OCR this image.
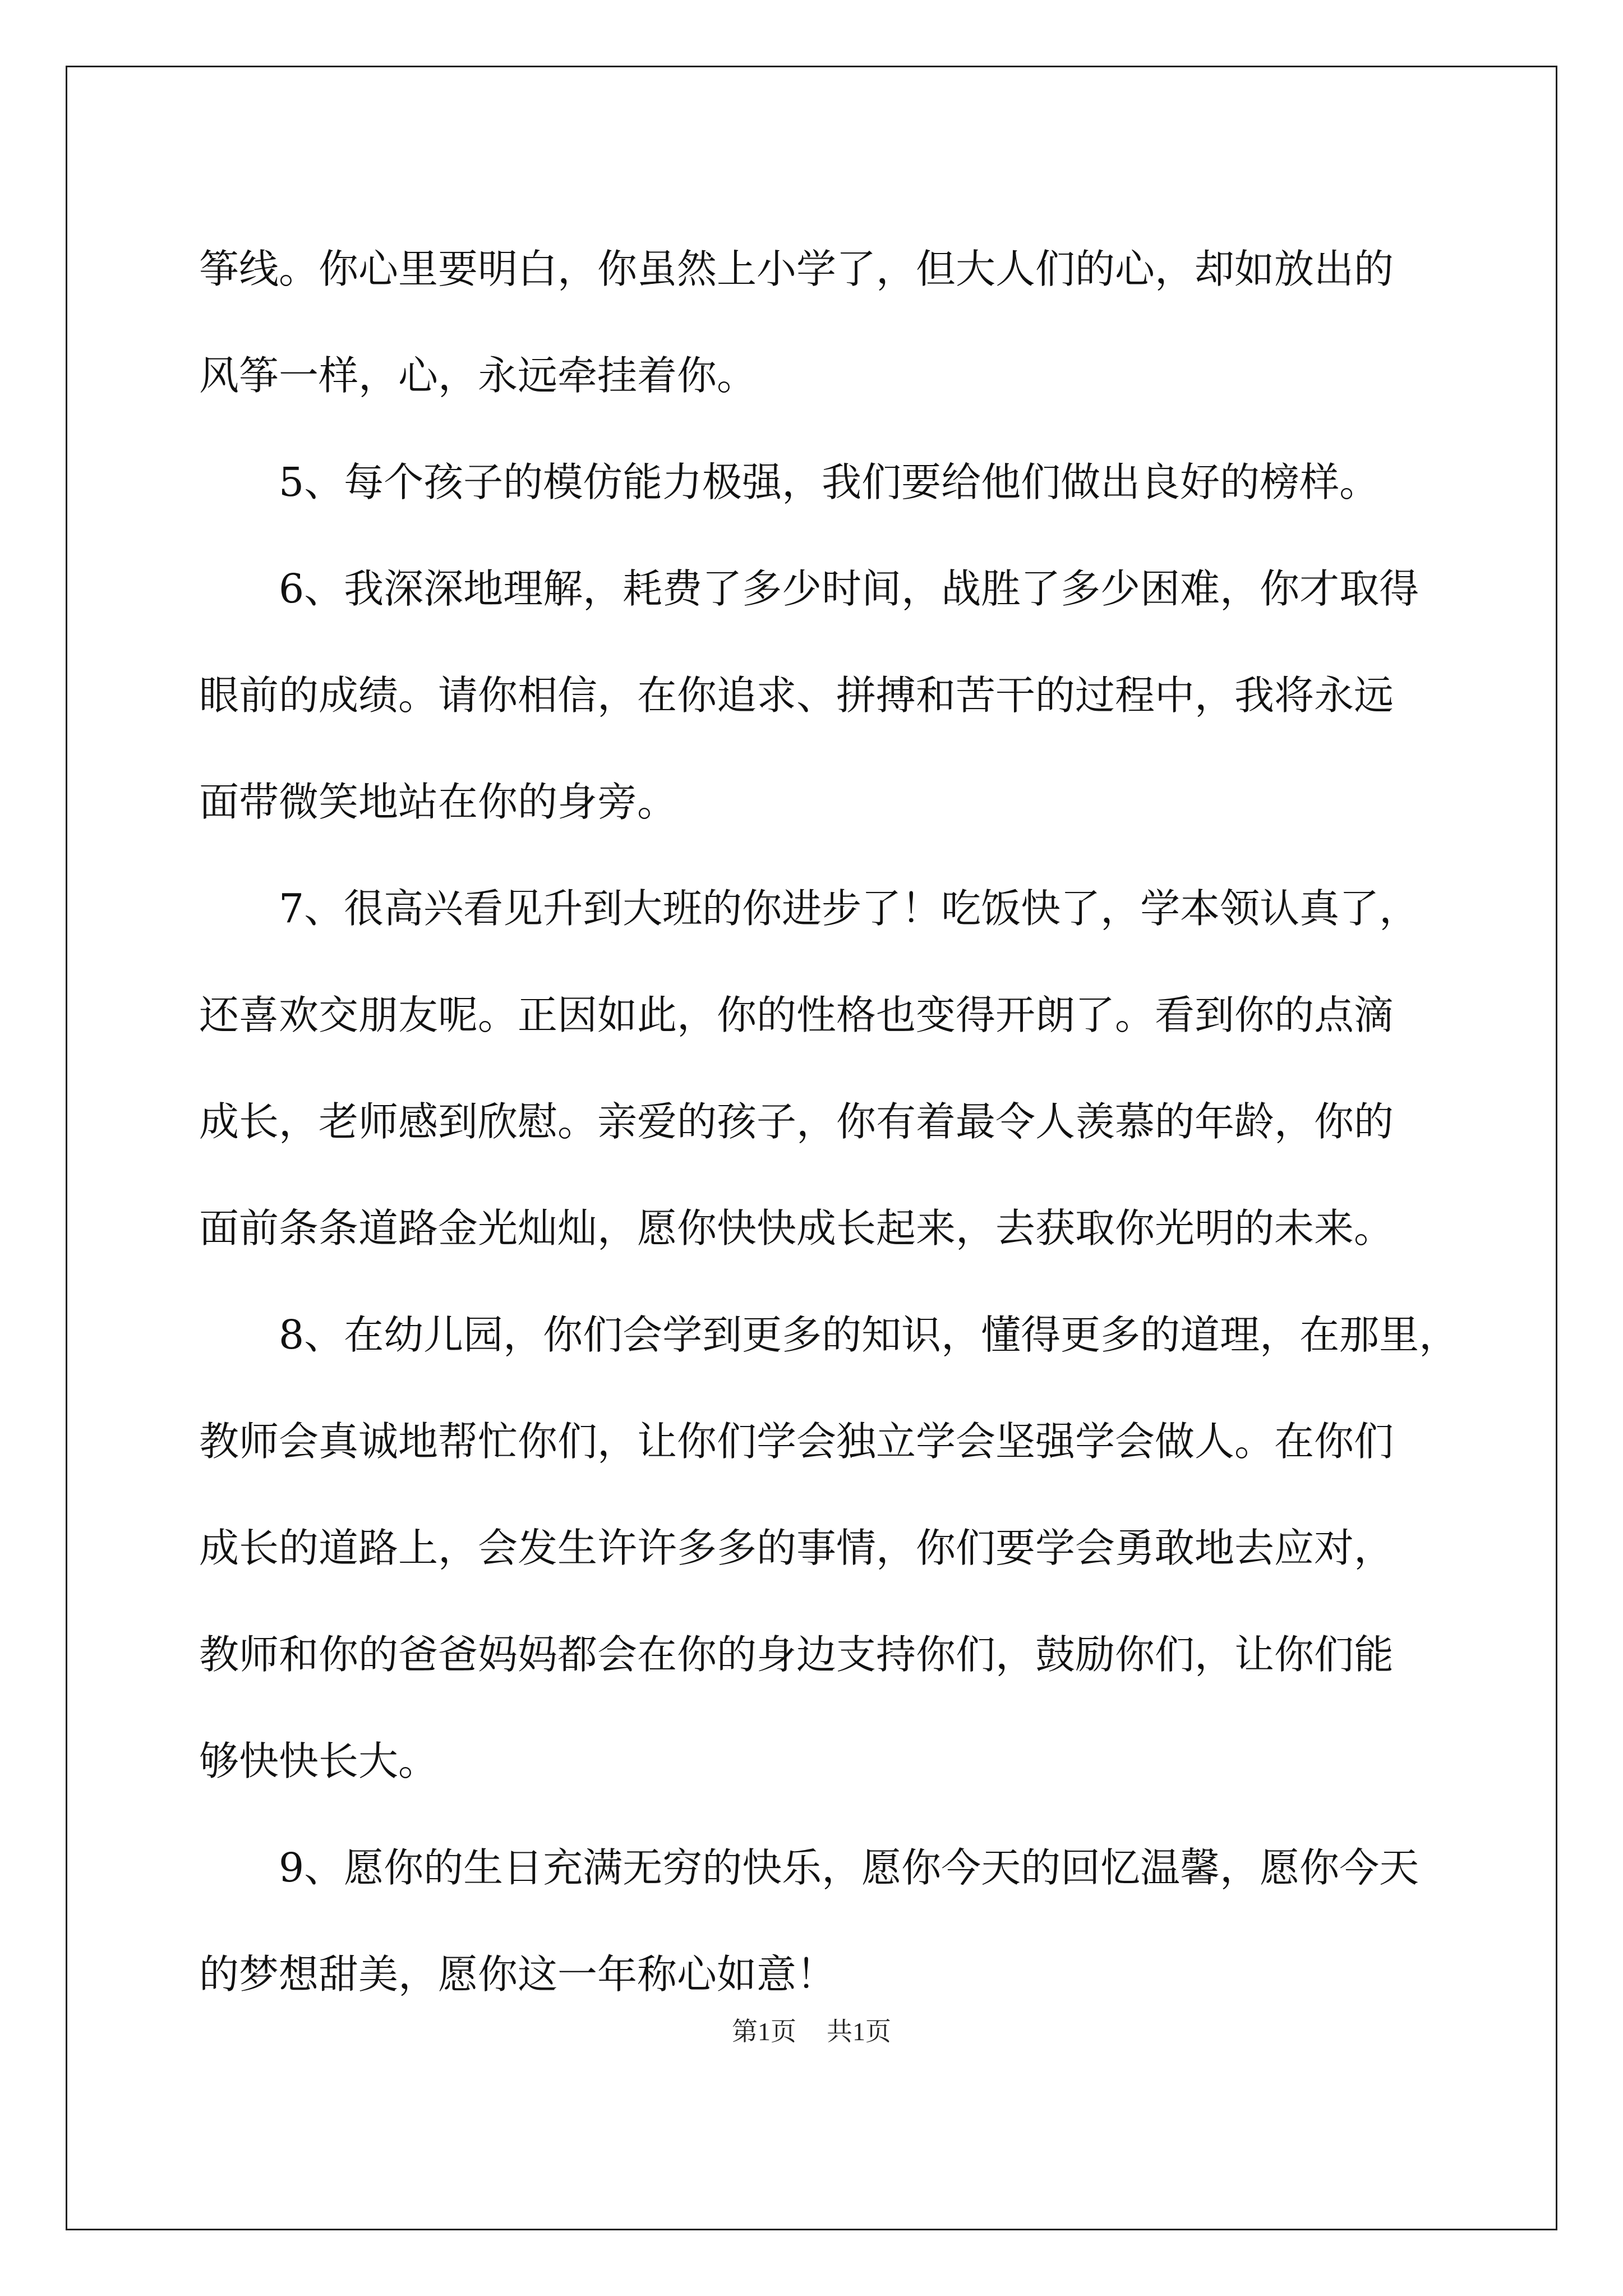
筝线。你心里要明白，你虽然上小学了，但大人们的心，却如放出的
风筝一样，心，永远牵挂着你。
5、每个孩子的模仿能力极强，我们要给他们做出良好的榜样。
6、我深深地理解，耗费了多少时间，战胜了多少困难，你才取得
眼前的成绩。请你相信，在你追求、拼搏和苦干的过程中，我将永远
面带微笑地站在你的身旁。
7、很高兴看见升到大班的你进步了！吃饭快了，学本领认真了，
还喜欢交朋友呢。正因如此，你的性格也变得开朗了。看到你的点滴
成长，老师感到欣慰。亲爱的孩子，你有着最令人羡慕的年龄，你的
面前条条道路金光灿灿，愿你快快成长起来，去获取你光明的未来。
8、在幼儿园，你们会学到更多的知识，懂得更多的道理，在那里，
教师会真诚地帮忙你们，让你们学会独立学会坚强学会做人。在你们
成长的道路上，会发生许许多多的事情，你们要学会勇敢地去应对，
教师和你的爸爸妈妈都会在你的身边支持你们，鼓励你们，让你们能
够快快长大。
9、愿你的生日充满无穷的快乐，愿你今天的回忆温馨，愿你今天
的梦想甜美，愿你这一年称心如意！
第1页 共1页
